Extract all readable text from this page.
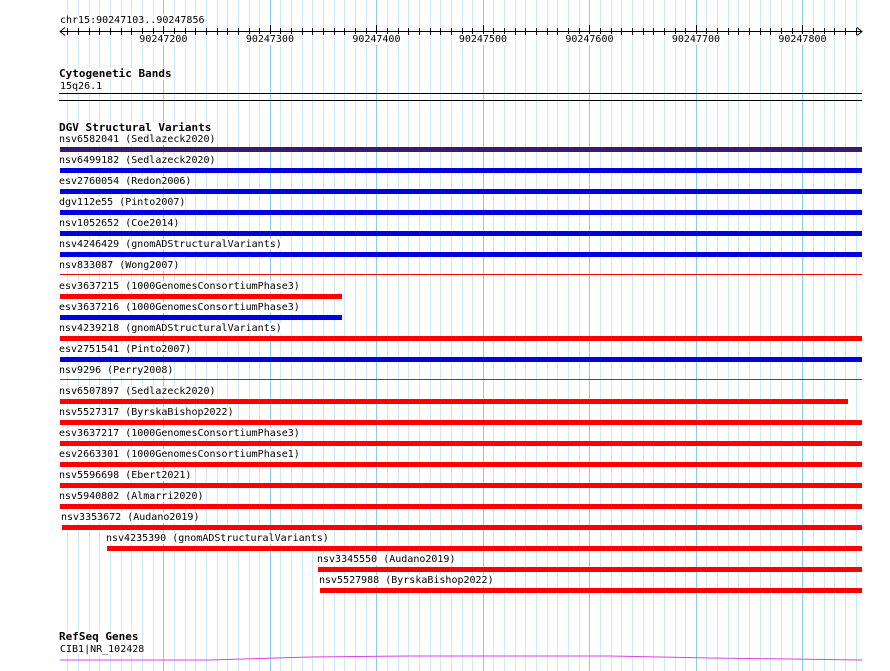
chr15:90247103..90247856
90247200	90247300	90247400	90247500	90247600	90247700	90247800
Cytogenetic Bands
15q26.1
DGV Structural Variants
nsv6582041 (Sedlazeck2020)
nsv6499182 (Sedlazeck2020)
esv2760054 (Redon2006)
dgv112e55 (Pinto2007)
nsv1052652 (Coe2014)
nsv4246429 (gnomADStructuralVariants)
nsv833087 (Wong2007)
esv3637215 (1000GenomesConsortiumPhase3)
esv3637216 (1000GenomesConsortiumPhase3)
nsv4239218 (gnomADStructuralVariants)
esv2751541 (Pinto2007)
nsv9296 (Perry2008)
nsv6507897 (Sedlazeck2020)
nsv5527317 (ByrskaBishop2022)
esv3637217 (1000GenomesConsortiumPhase3)
esv2663301 (1000GenomesConsortiumPhase1)
nsv5596698 (Ebert2021)
nsv5940802 (Almarri2020)
nsv3353672 (Audano2019)
nsv4235390 (gnomADStructuralVariants)
nsv3345550 (Audano2019)
nsv5527988 (ByrskaBishop2022)
RefSeq Genes
CIB1|NR_102428
